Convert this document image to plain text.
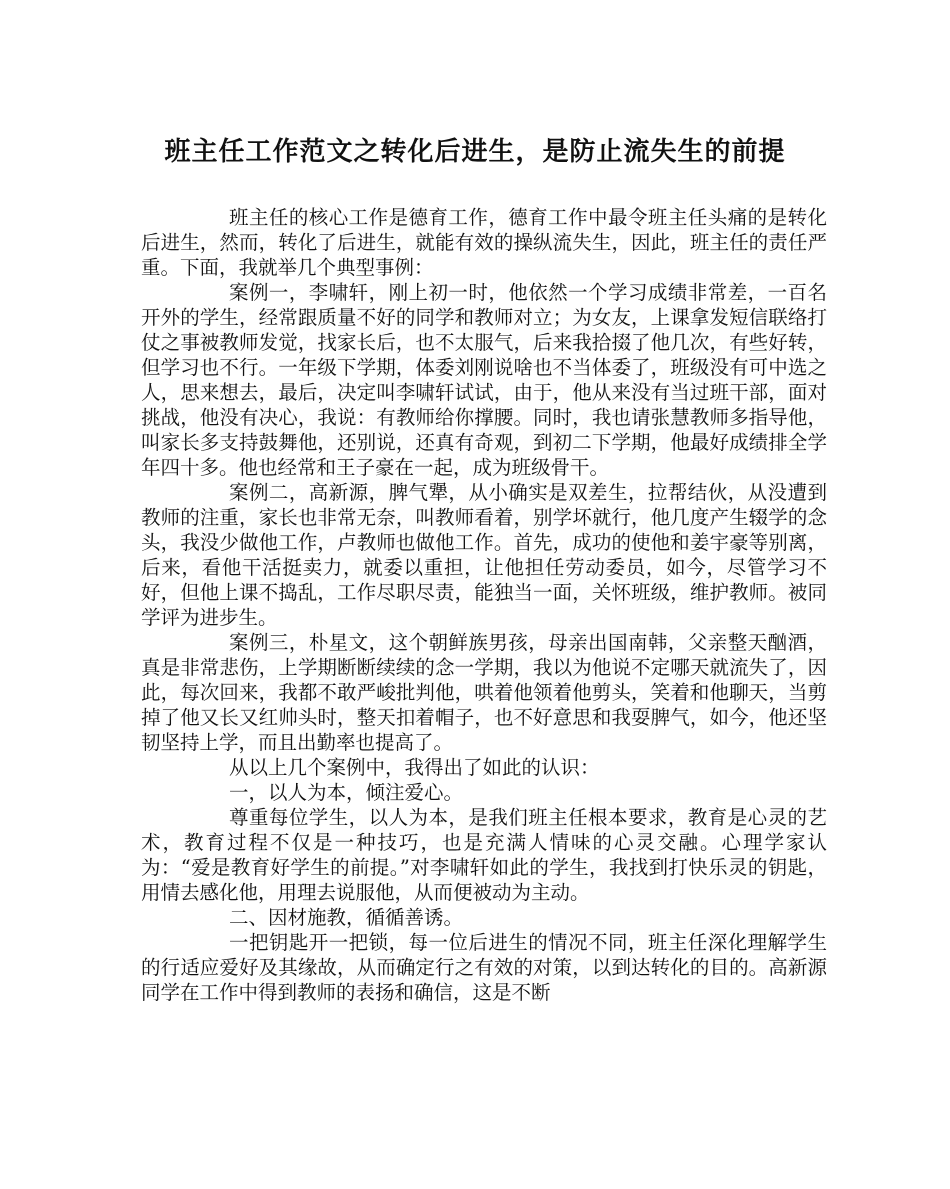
班主任工作范文之转化后进生，是防止流失生的前提

班主任的核心工作是德育工作，德育工作中最令班主任头痛的是转化后进生，然而，转化了后进生，就能有效的操纵流失生，因此，班主任的责任严重。下面，我就举几个典型事例：

案例一，李啸轩，刚上初一时，他依然一个学习成绩非常差，一百名开外的学生，经常跟质量不好的同学和教师对立；为女友，上课拿发短信联络打仗之事被教师发觉，找家长后，也不太服气，后来我拾掇了他几次，有些好转，但学习也不行。一年级下学期，体委刘刚说啥也不当体委了，班级没有可中选之人，思来想去，最后，决定叫李啸轩试试，由于，他从来没有当过班干部，面对挑战，他没有决心，我说：有教师给你撑腰。同时，我也请张慧教师多指导他，叫家长多支持鼓舞他，还别说，还真有奇观，到初二下学期，他最好成绩排全学年四十多。他也经常和王子豪在一起，成为班级骨干。

案例二，高新源，脾气犟，从小确实是双差生，拉帮结伙，从没遭到教师的注重，家长也非常无奈，叫教师看着，别学坏就行，他几度产生辍学的念头，我没少做他工作，卢教师也做他工作。首先，成功的使他和姜宇豪等别离，后来，看他干活挺卖力，就委以重担，让他担任劳动委员，如今，尽管学习不好，但他上课不捣乱，工作尽职尽责，能独当一面，关怀班级，维护教师。被同学评为进步生。

案例三，朴星文，这个朝鲜族男孩，母亲出国南韩，父亲整天酗酒，真是非常悲伤，上学期断断续续的念一学期，我以为他说不定哪天就流失了，因此，每次回来，我都不敢严峻批判他，哄着他领着他剪头，笑着和他聊天，当剪掉了他又长又红帅头时，整天扣着帽子，也不好意思和我耍脾气，如今，他还坚韧坚持上学，而且出勤率也提高了。

从以上几个案例中，我得出了如此的认识：

一，以人为本，倾注爱心。

尊重每位学生，以人为本，是我们班主任根本要求，教育是心灵的艺术，教育过程不仅是一种技巧，也是充满人情味的心灵交融。心理学家认为：“爱是教育好学生的前提。”对李啸轩如此的学生，我找到打快乐灵的钥匙，用情去感化他，用理去说服他，从而便被动为主动。

二、因材施教，循循善诱。

一把钥匙开一把锁，每一位后进生的情况不同，班主任深化理解学生的行适应爱好及其缘故，从而确定行之有效的对策，以到达转化的目的。高新源同学在工作中得到教师的表扬和确信，这是不断
